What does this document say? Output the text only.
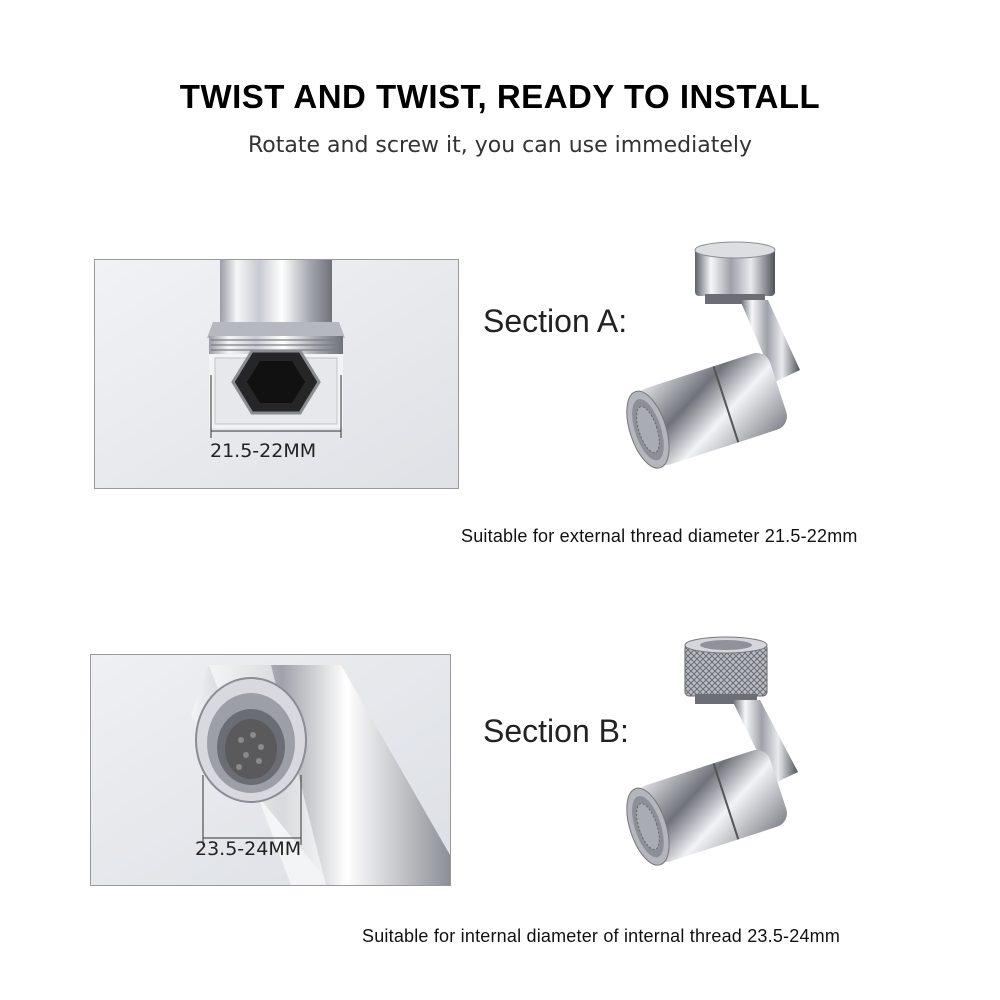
TWIST AND TWIST, READY TO INSTALL
Rotate and screw it, you can use immediately
21.5-22MM
Section A:
Suitable for external thread diameter 21.5-22mm
23.5-24MM
Section B:
Suitable for internal diameter of internal thread 23.5-24mm
